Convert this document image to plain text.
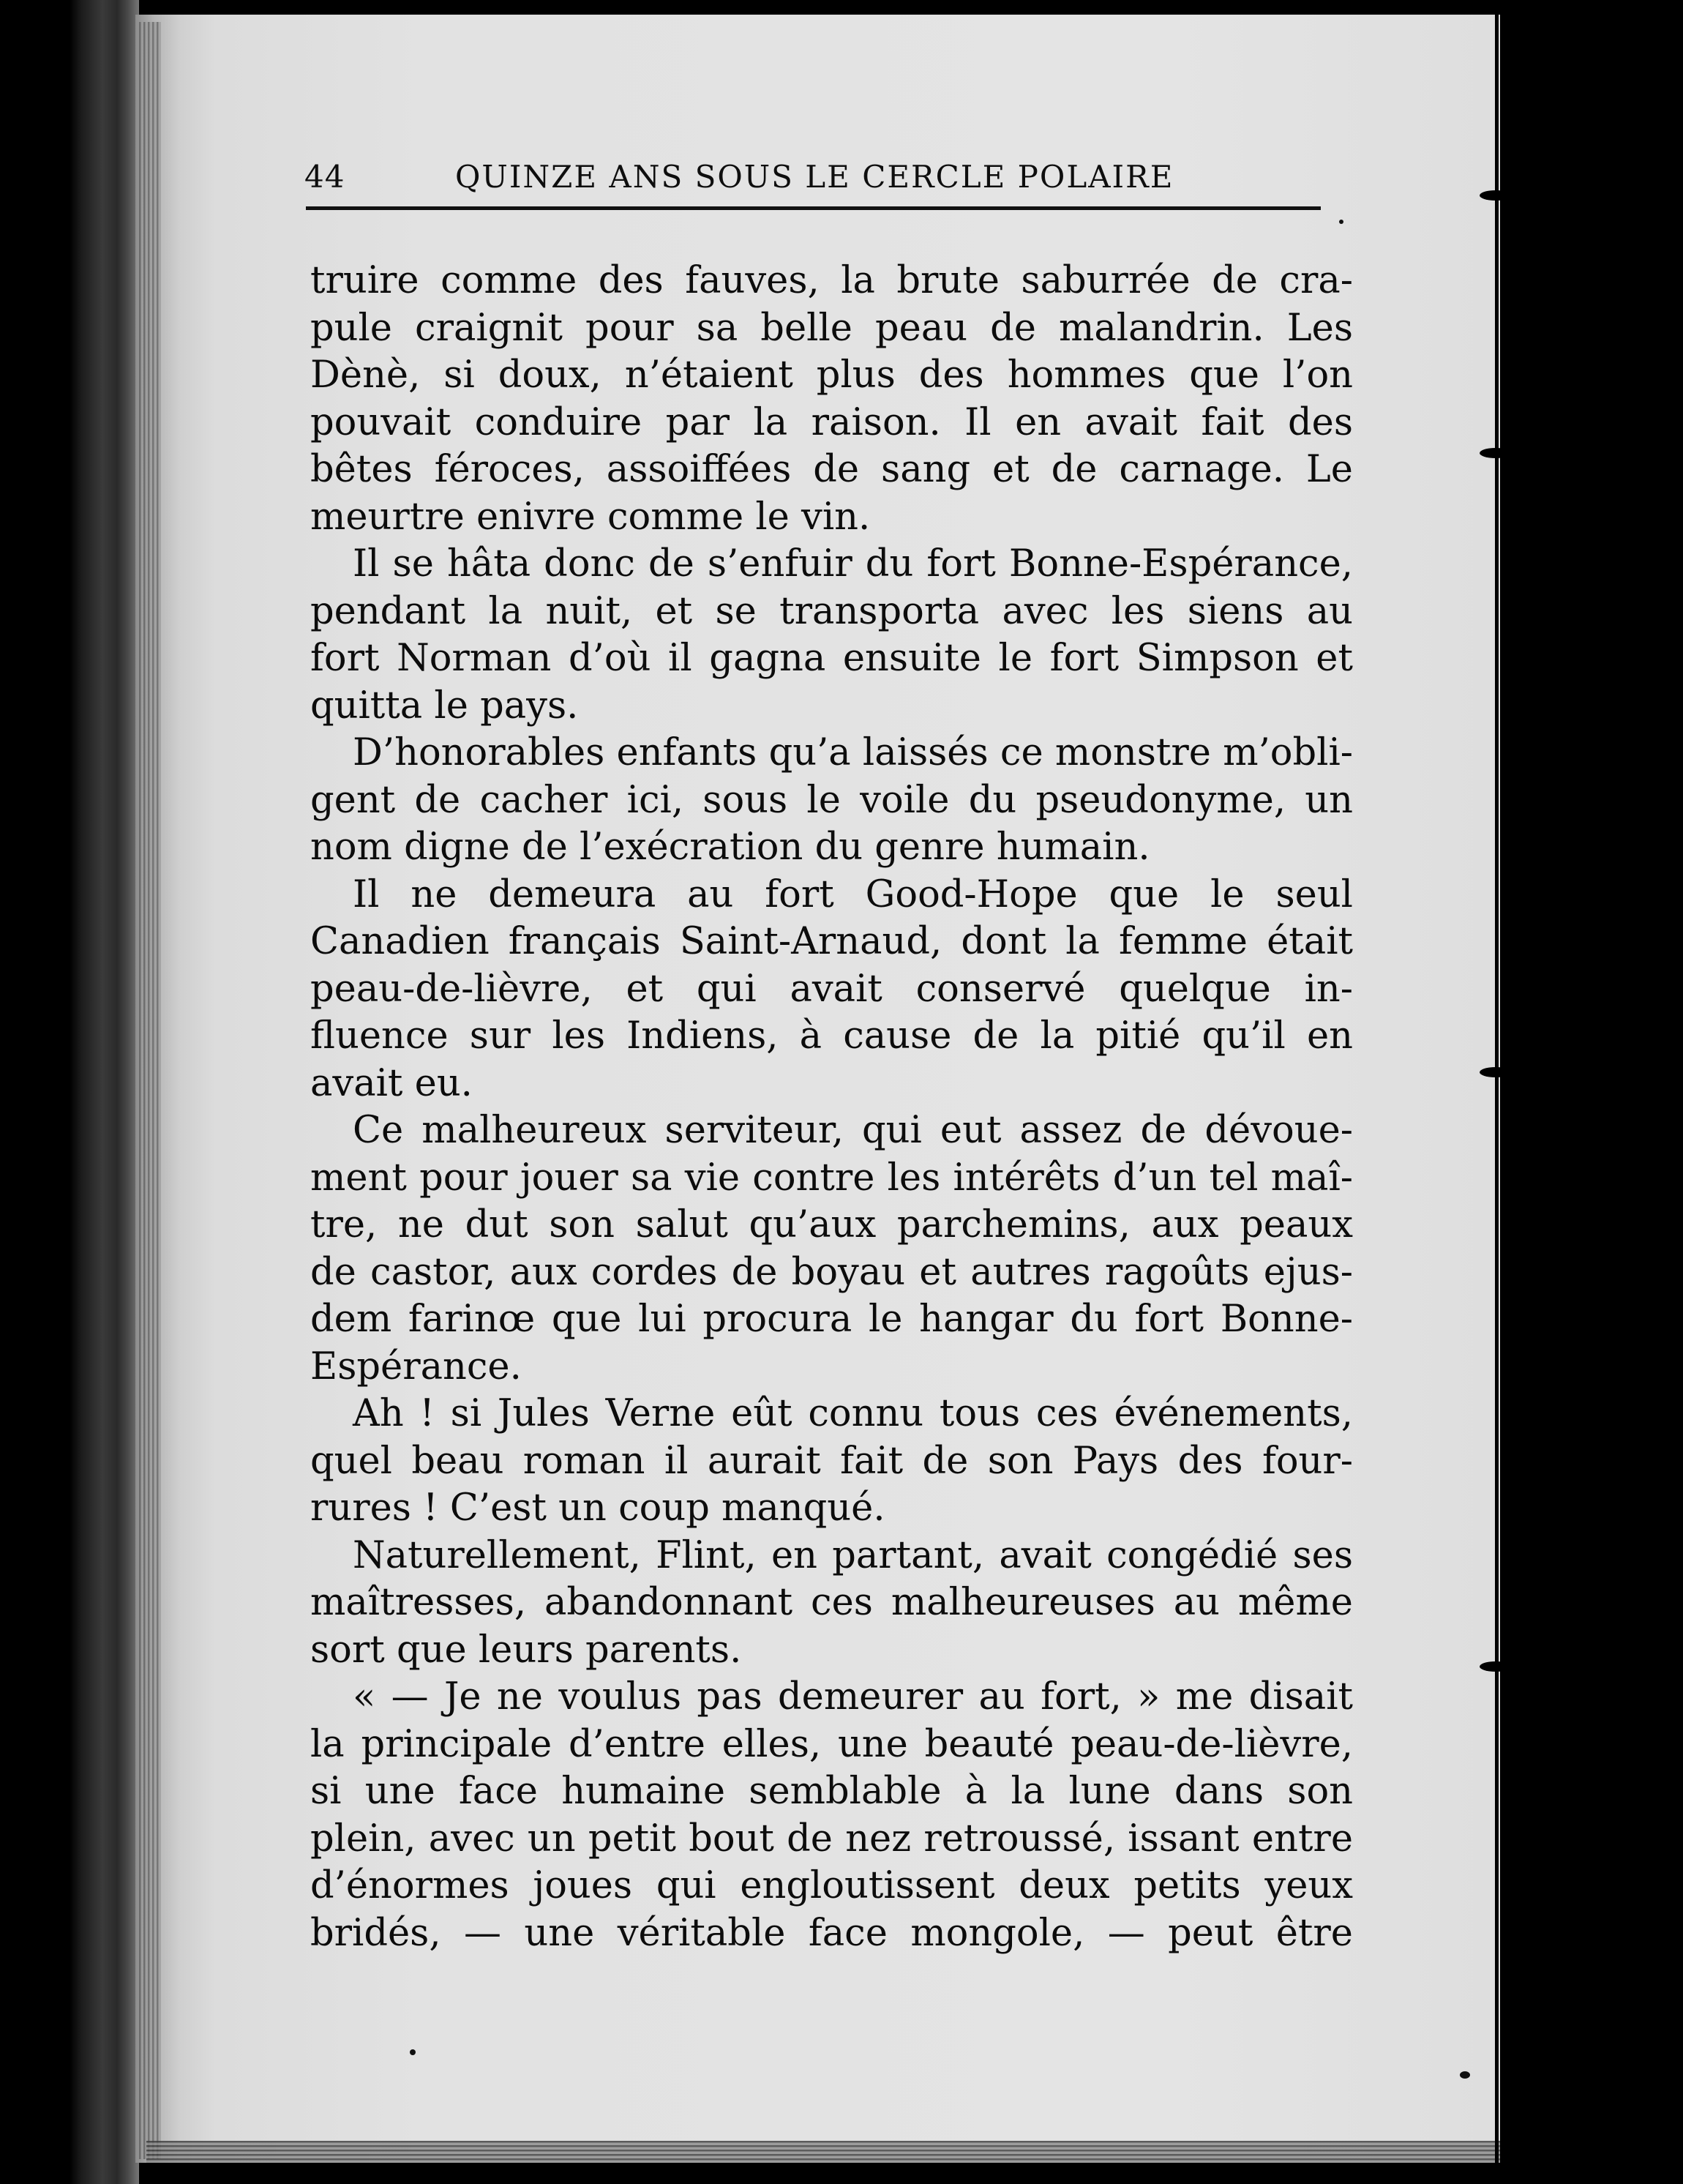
44	QUINZE ANS SOUS LE CERCLE POLAIRE
truire comme des fauves, la brute saburrée de cra-
pule craignit pour sa belle peau de malandrin. Les
Dènè, si doux, n’étaient plus des hommes que l’on
pouvait conduire par la raison. Il en avait fait des
bêtes féroces, assoiffées de sang et de carnage. Le
meurtre enivre comme le vin.
Il se hâta donc de s’enfuir du fort Bonne-Espérance,
pendant la nuit, et se transporta avec les siens au
fort Norman d’où il gagna ensuite le fort Simpson et
quitta le pays.
D’honorables enfants qu’a laissés ce monstre m’obli-
gent de cacher ici, sous le voile du pseudonyme, un
nom digne de l’exécration du genre humain.
Il ne demeura au fort Good-Hope que le seul
Canadien français Saint-Arnaud, dont la femme était
peau-de-lièvre, et qui avait conservé quelque in-
fluence sur les Indiens, à cause de la pitié qu’il en
avait eu.
Ce malheureux serviteur, qui eut assez de dévoue-
ment pour jouer sa vie contre les intérêts d’un tel maî-
tre, ne dut son salut qu’aux parchemins, aux peaux
de castor, aux cordes de boyau et autres ragoûts ejus-
dem farinœ que lui procura le hangar du fort Bonne-
Espérance.
Ah ! si Jules Verne eût connu tous ces événements,
quel beau roman il aurait fait de son Pays des four-
rures ! C’est un coup manqué.
Naturellement, Flint, en partant, avait congédié ses
maîtresses, abandonnant ces malheureuses au même
sort que leurs parents.
« — Je ne voulus pas demeurer au fort, » me disait
la principale d’entre elles, une beauté peau-de-lièvre,
si une face humaine semblable à la lune dans son
plein, avec un petit bout de nez retroussé, issant entre
d’énormes joues qui engloutissent deux petits yeux
bridés, — une véritable face mongole, — peut être
